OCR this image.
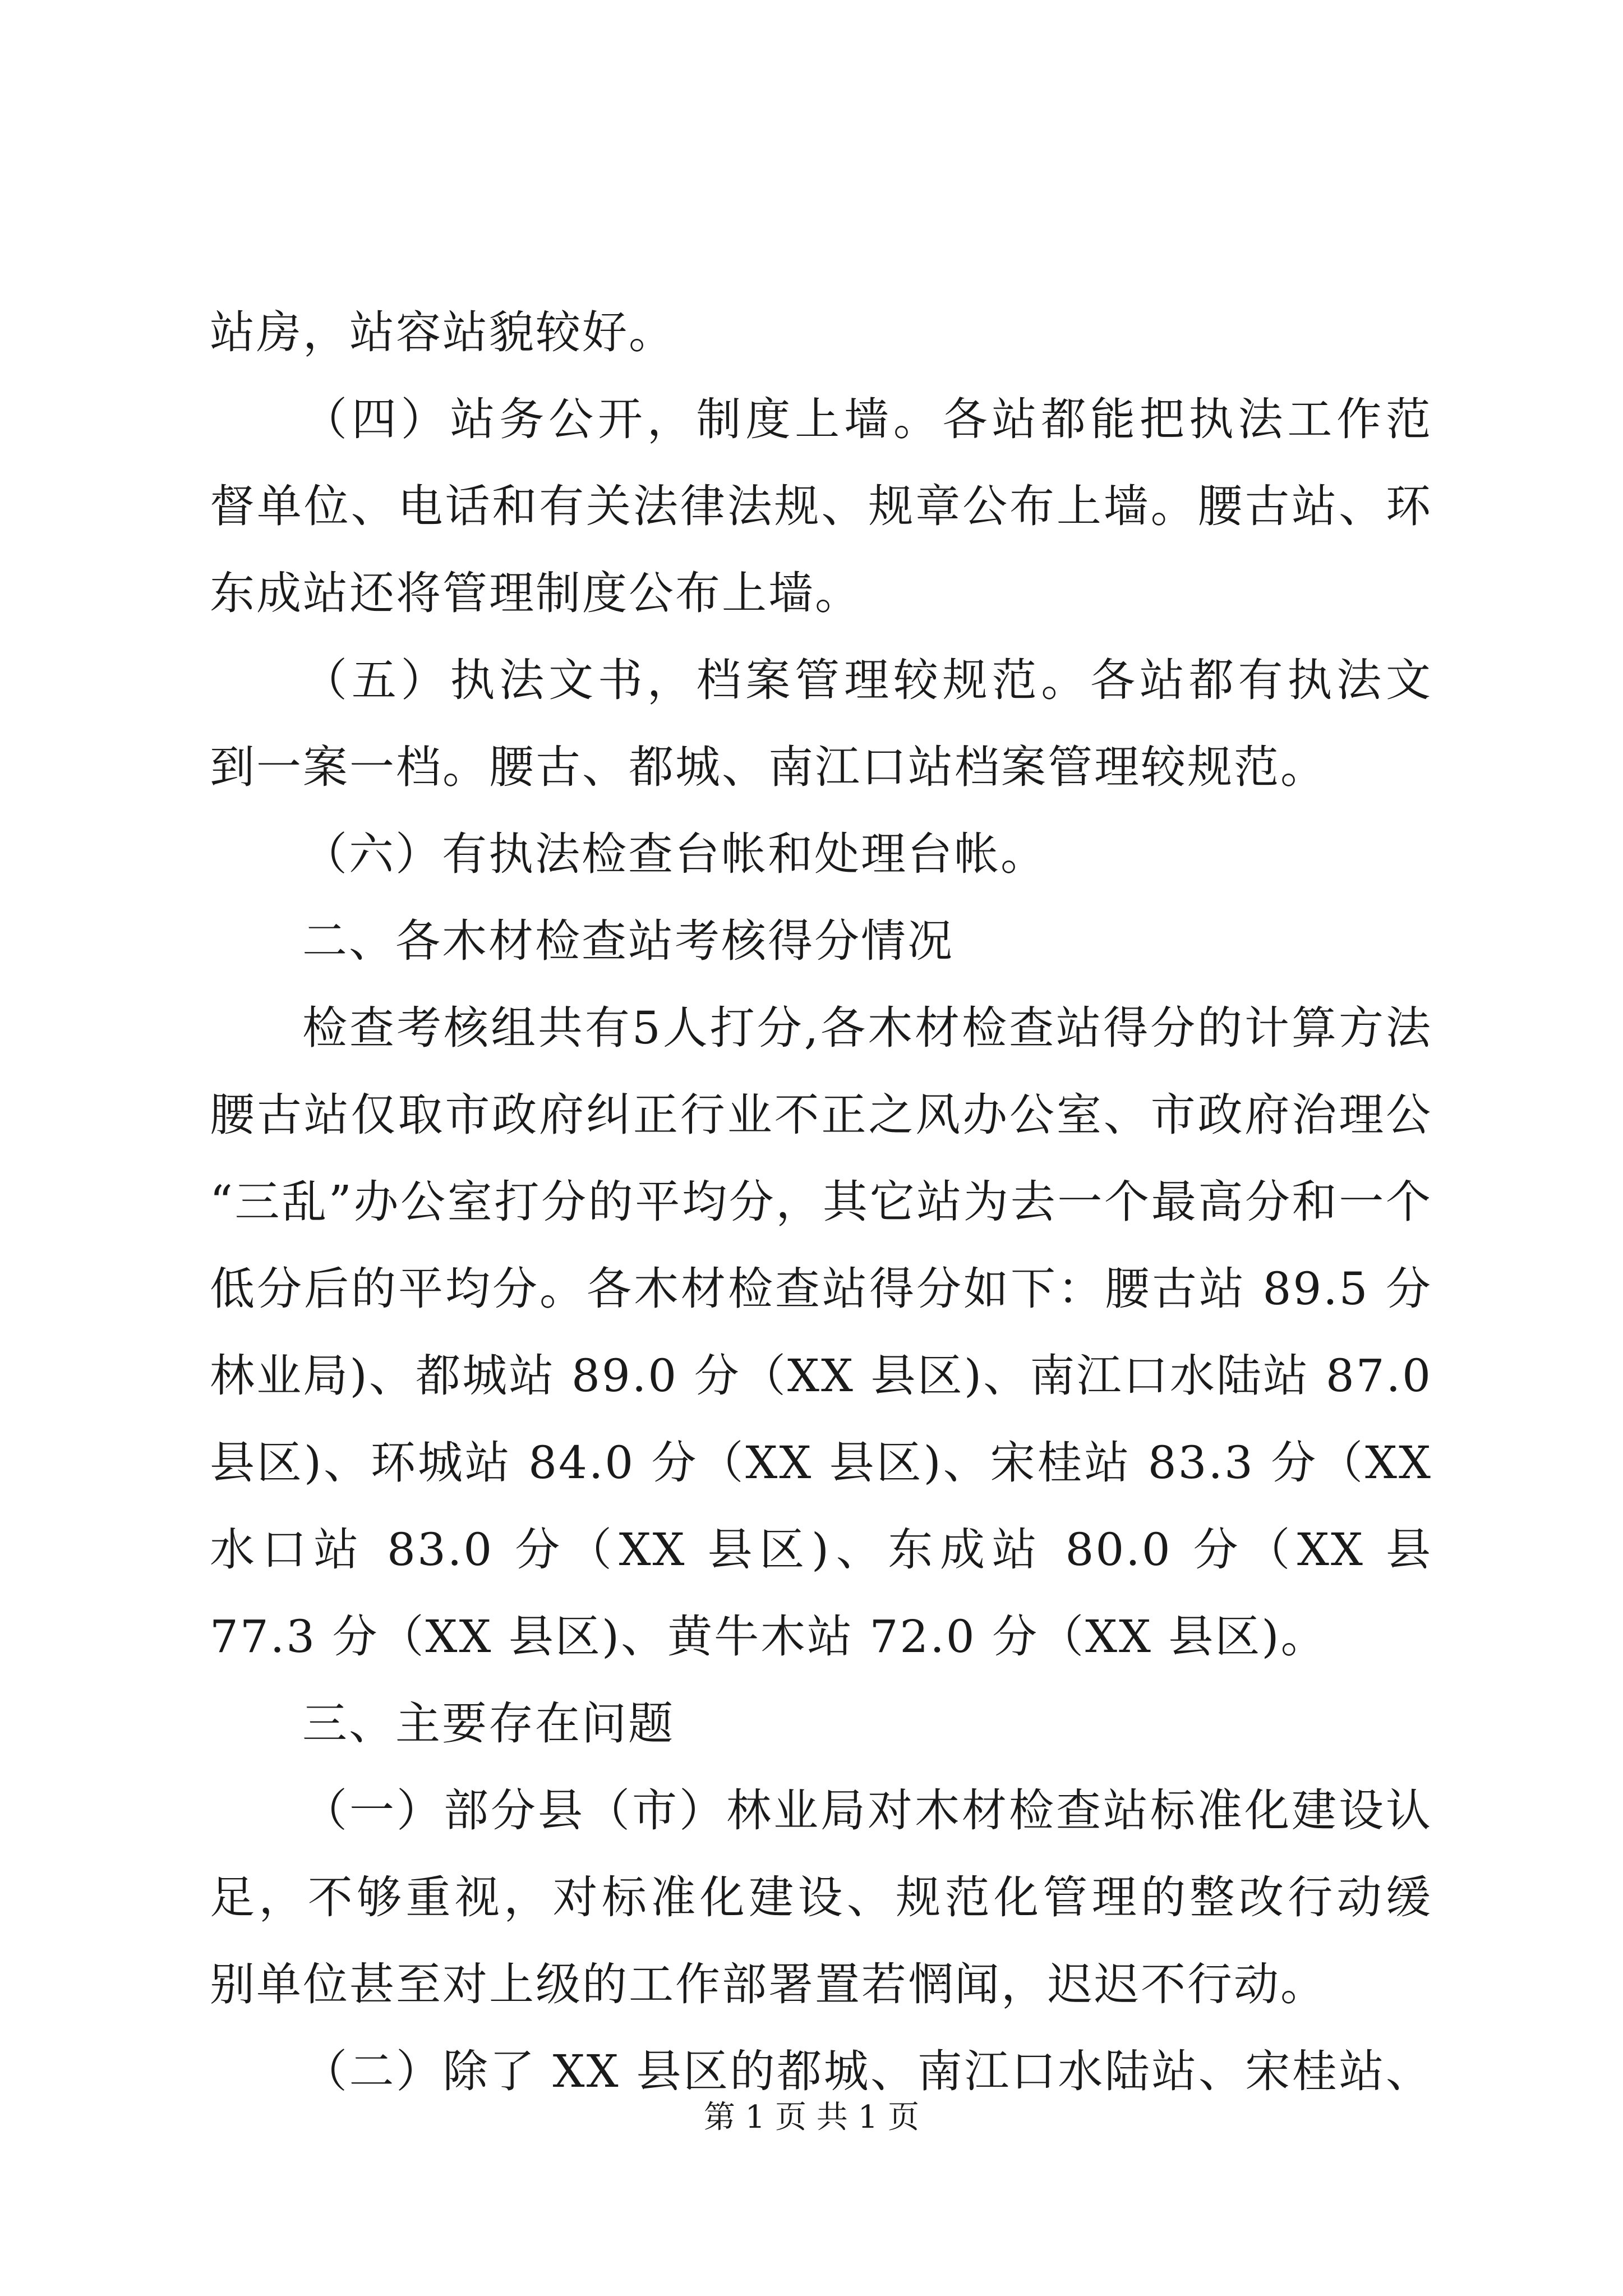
站房，站容站貌较好。
（四）站务公开，制度上墙。各站都能把执法工作范
督单位、电话和有关法律法规、规章公布上墙。腰古站、环
东成站还将管理制度公布上墙。
（五）执法文书，档案管理较规范。各站都有执法文
到一案一档。腰古、都城、南江口站档案管理较规范。
（六）有执法检查台帐和处理台帐。
二、各木材检查站考核得分情况
检查考核组共有5人打分,各木材检查站得分的计算方法
腰古站仅取市政府纠正行业不正之风办公室、市政府治理公
“三乱”办公室打分的平均分，其它站为去一个最高分和一个
低分后的平均分。各木材检查站得分如下：腰古站 89.5 分
林业局)、都城站 89.0 分（XX 县区)、南江口水陆站 87.0
县区)、环城站 84.0 分（XX 县区)、宋桂站 83.3 分（XX
水口站 83.0 分（XX 县区)、东成站 80.0 分（XX 县
77.3 分（XX 县区)、黄牛木站 72.0 分（XX 县区)。
三、主要存在问题
（一）部分县（市）林业局对木材检查站标准化建设认
足，不够重视，对标准化建设、规范化管理的整改行动缓
别单位甚至对上级的工作部署置若惘闻，迟迟不行动。
（二）除了 XX 县区的都城、南江口水陆站、宋桂站、
第 1 页 共 1 页
